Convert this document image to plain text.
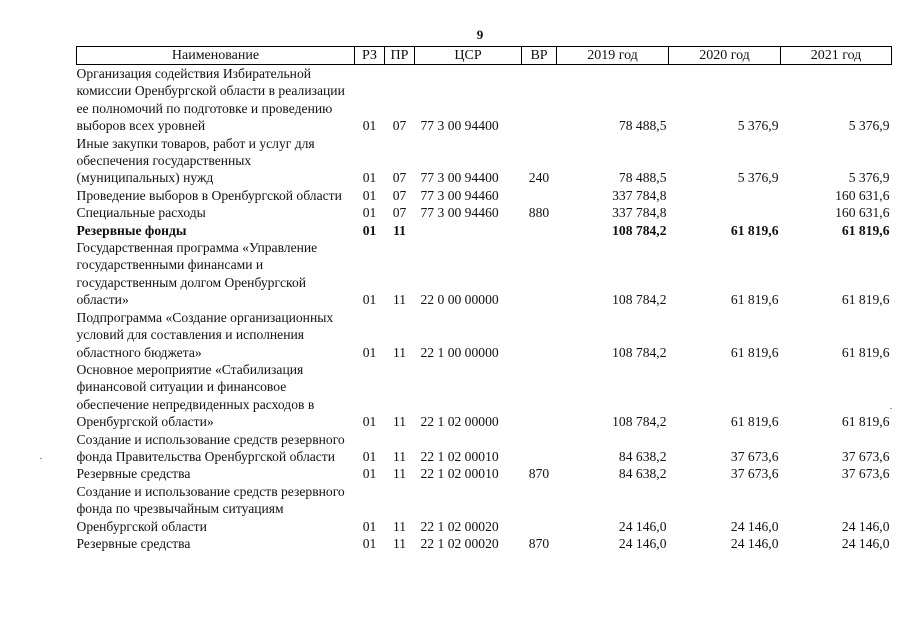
9
Наименование	РЗ	ПР	ЦСР	ВР	2019 год	2020 год	2021 год
Организация содействия Избирательной комиссии Оренбургской области в реализации ее полномочий по подготовке и проведению выборов всех уровней	01	07	77 3 00 94400		78 488,5	5 376,9	5 376,9
Иные закупки товаров, работ и услуг для обеспечения государственных (муниципальных) нужд	01	07	77 3 00 94400	240	78 488,5	5 376,9	5 376,9
Проведение выборов в Оренбургской области	01	07	77 3 00 94460		337 784,8		160 631,6
Специальные расходы	01	07	77 3 00 94460	880	337 784,8		160 631,6
Резервные фонды	01	11			108 784,2	61 819,6	61 819,6
Государственная программа «Управление государственными финансами и государственным долгом Оренбургской области»	01	11	22 0 00 00000		108 784,2	61 819,6	61 819,6
Подпрограмма «Создание организационных условий для составления и исполнения областного бюджета»	01	11	22 1 00 00000		108 784,2	61 819,6	61 819,6
Основное мероприятие «Стабилизация финансовой ситуации и финансовое обеспечение непредвиденных расходов в Оренбургской области»	01	11	22 1 02 00000		108 784,2	61 819,6	61 819,6
Создание и использование средств резервного фонда Правительства Оренбургской области	01	11	22 1 02 00010		84 638,2	37 673,6	37 673,6
Резервные средства	01	11	22 1 02 00010	870	84 638,2	37 673,6	37 673,6
Создание и использование средств резервного фонда по чрезвычайным ситуациям Оренбургской области	01	11	22 1 02 00020		24 146,0	24 146,0	24 146,0
Резервные средства	01	11	22 1 02 00020	870	24 146,0	24 146,0	24 146,0
